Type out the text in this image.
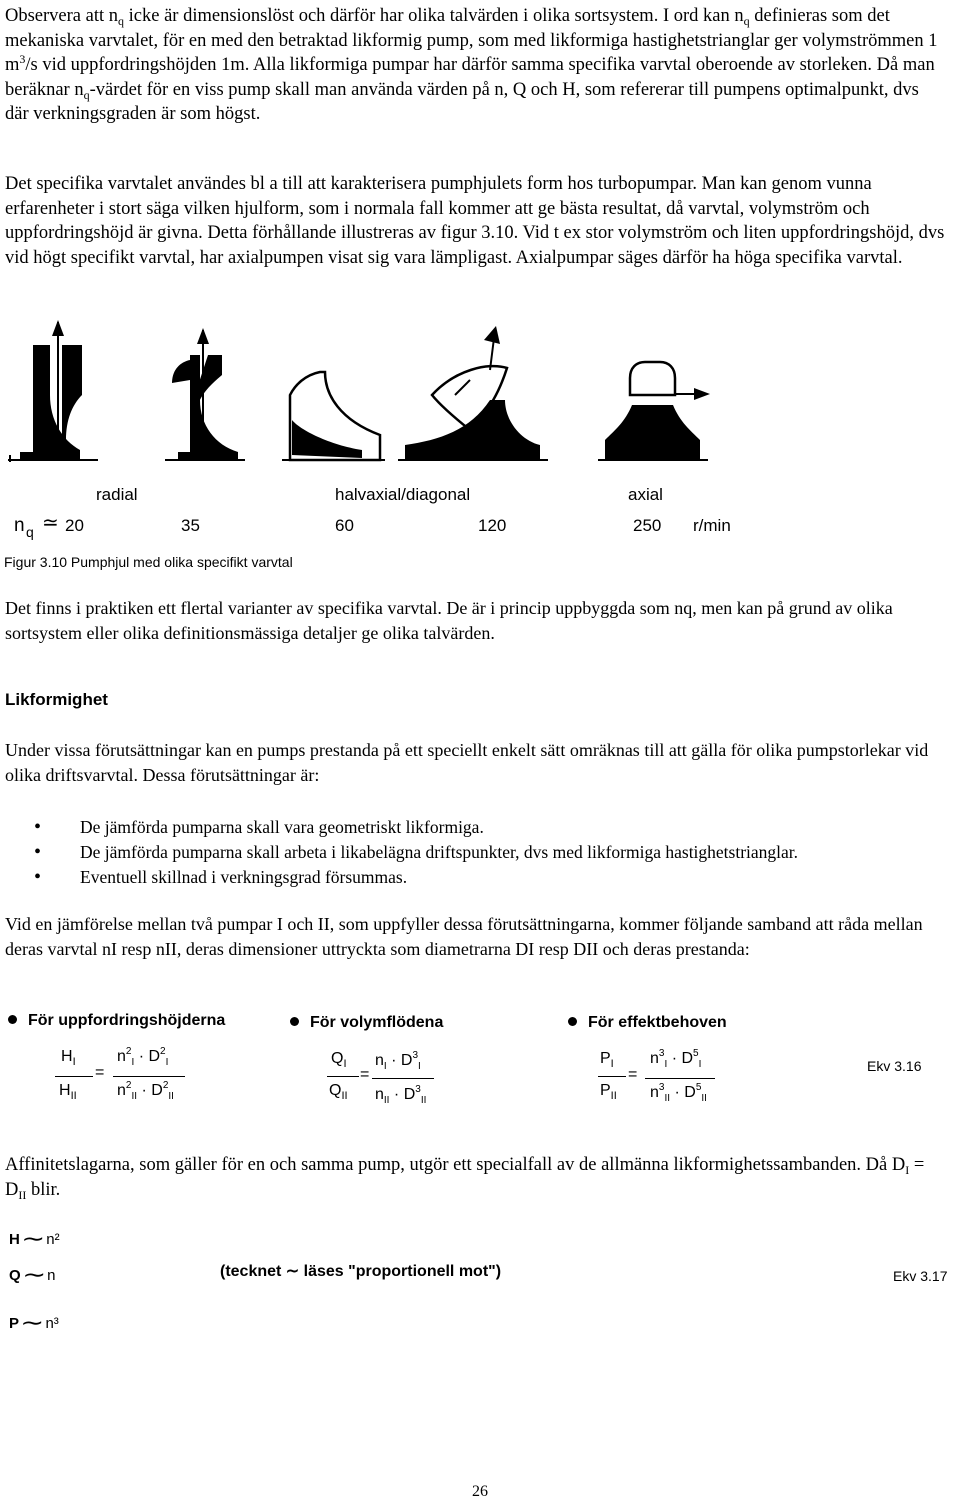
Observera att $n_q$ icke är dimensionslöst och därför har olika talvärden i olika sortsystem. I ord kan $n_q$ definieras som det mekaniska varvtalet, för en med den betraktad likformig pump, som med likformiga hastighetstrianglar ger volymströmmen 1 $m^3/s$ vid uppfordringshöjden 1m. Alla likformiga pumpar har därför samma specifika varvtal oberoende av storleken. Då man beräknar $n_q$-värdet för en viss pump skall man använda värden på n, Q och H, som refererar till pumpens optimalpunkt, dvs där verkningsgraden är som högst.

Det specifika varvtalet användes bl a till att karakterisera pumphjulets form hos turbopumpar. Man kan genom vunna erfarenheter i stort säga vilken hjulform, som i normala fall kommer att ge bästa resultat, då varvtal, volymström och uppfordringshöjd är givna. Detta förhållande illustreras av figur 3.10. Vid t ex stor volymström och liten uppfordringshöjd, dvs vid högt specifikt varvtal, har axialpumpen visat sig vara lämpligast. Axialpumpar säges därför ha höga specifika varvtal.

radial	halvaxial/diagonal	axial
n q ≃ 20	35	60	120	250 r/min
Figur 3.10 Pumphjul med olika specifikt varvtal

Det finns i praktiken ett flertal varianter av specifika varvtal. De är i princip uppbyggda som nq, men kan på grund av olika sortsystem eller olika definitionsmässiga detaljer ge olika talvärden.

Likformighet

Under vissa förutsättningar kan en pumps prestanda på ett speciellt enkelt sätt omräknas till att gälla för olika pumpstorlekar vid olika driftsvarvtal. Dessa förutsättningar är:

• De jämförda pumparna skall vara geometriskt likformiga.
• De jämförda pumparna skall arbeta i likabelägna driftspunkter, dvs med likformiga hastighetstrianglar.
• Eventuell skillnad i verkningsgrad försummas.

Vid en jämförelse mellan två pumpar I och II, som uppfyller dessa förutsättningarna, kommer följande samband att råda mellan deras varvtal nI resp nII, deras dimensioner uttryckta som diametrarna DI resp DII och deras prestanda:

För uppfordringshöjderna	För volymflödena	För effektbehoven
$H_I$
$H_{II}$
=
$n^2_I \cdot D^2_I$
$n^2_{II} \cdot D^2_{II}$
$Q_I$
$Q_{II}$
=
$n_I \cdot D^3_I$
$n_{II} \cdot D^3_{II}$
$P_I$
$P_{II}$
=
$n^3_I \cdot D^5_I$
$n^3_{II} \cdot D^5_{II}$
Ekv 3.16

Affinitetslagarna, som gäller för en och samma pump, utgör ett specialfall av de allmänna likformighetssambanden. Då $D_I = D_{II}$ blir.

H∼n²
Q∼n	(tecknet ∼ läses "proportionell mot")	Ekv 3.17
P∼n³
26
